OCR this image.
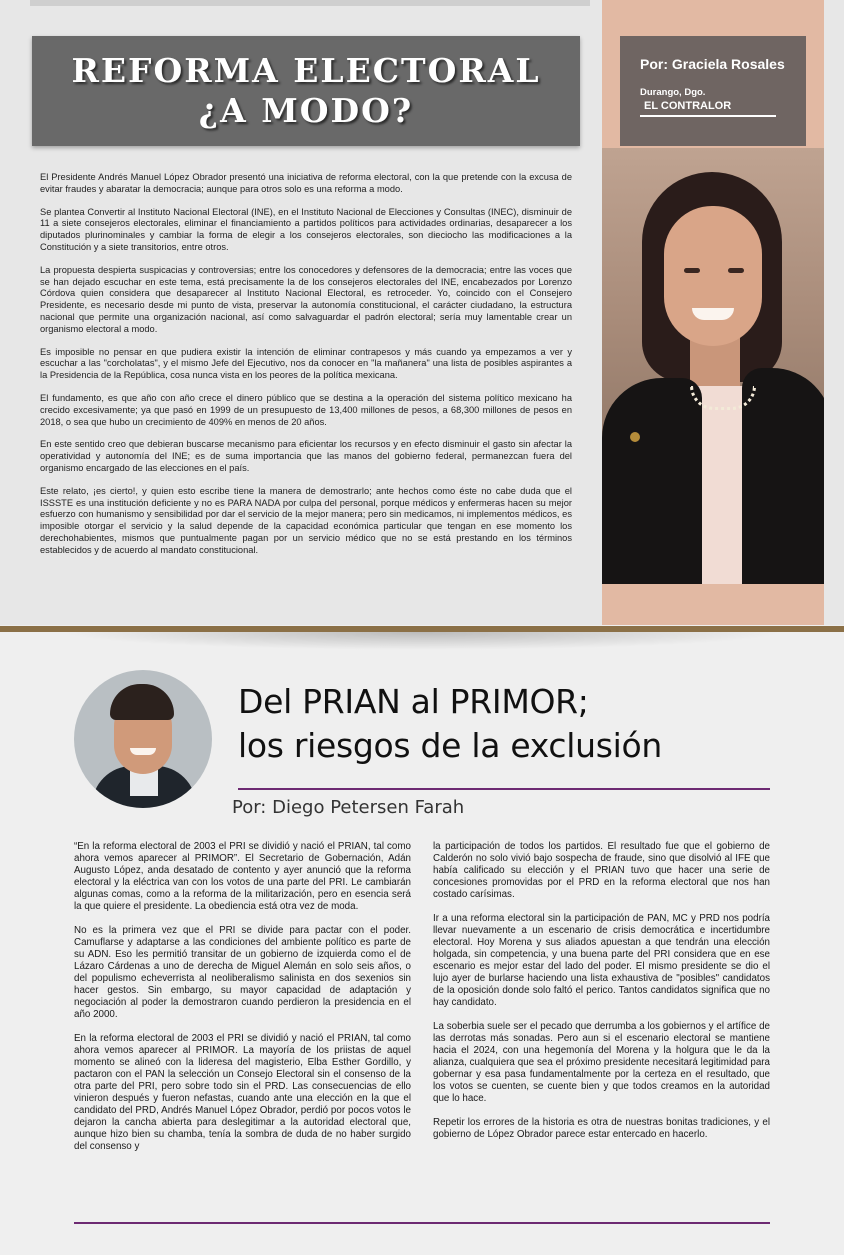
REFORMA ELECTORAL
¿A MODO?
Por: Graciela Rosales
Durango, Dgo.
EL CONTRALOR

El Presidente Andrés Manuel López Obrador presentó una iniciativa de reforma electoral, con la que pretende con la excusa de evitar fraudes y abaratar la democracia; aunque para otros solo es una reforma a modo.

Se plantea Convertir al Instituto Nacional Electoral (INE), en el Instituto Nacional de Elecciones y Consultas (INEC), disminuir de 11 a siete consejeros electorales, eliminar el financiamiento a partidos políticos para actividades ordinarias, desaparecer a los diputados plurinominales y cambiar la forma de elegir a los consejeros electorales, son dieciocho las modificaciones a la Constitución y a siete transitorios, entre otros.

La propuesta despierta suspicacias y controversias; entre los conocedores y defensores de la democracia; entre las voces que se han dejado escuchar en este tema, está precisamente la de los consejeros electorales del INE, encabezados por Lorenzo Córdova quien considera que desaparecer al Instituto Nacional Electoral, es retroceder. Yo, coincido con el Consejero Presidente, es necesario desde mi punto de vista, preservar la autonomía constitucional, el carácter ciudadano, la estructura nacional que permite una organización nacional, así como salvaguardar el padrón electoral; sería muy lamentable crear un organismo electoral a modo.

Es imposible no pensar en que pudiera existir la intención de eliminar contrapesos y más cuando ya empezamos a ver y escuchar a las "corcholatas", y el mismo Jefe del Ejecutivo, nos da conocer en "la mañanera" una lista de posibles aspirantes a la Presidencia de la República, cosa nunca vista en los peores de la política mexicana.

El fundamento, es que año con año crece el dinero público que se destina a la operación del sistema político mexicano ha crecido excesivamente; ya que pasó en 1999 de un presupuesto de 13,400 millones de pesos, a 68,300 millones de pesos en 2018, o sea que hubo un crecimiento de 409% en menos de 20 años.

En este sentido creo que debieran buscarse mecanismo para eficientar los recursos y en efecto disminuir el gasto sin afectar la operatividad y autonomía del INE; es de suma importancia que las manos del gobierno federal, permanezcan fuera del organismo encargado de las elecciones en el país.

Este relato, ¡es cierto!, y quien esto escribe tiene la manera de demostrarlo; ante hechos como éste no cabe duda que el ISSSTE es una institución deficiente y no es PARA NADA por culpa del personal, porque médicos y enfermeras hacen su mejor esfuerzo con humanismo y sensibilidad por dar el servicio de la mejor manera; pero sin medicamos, ni implementos médicos, es imposible otorgar el servicio y la salud depende de la capacidad económica particular que tengan en ese momento los derechohabientes, mismos que puntualmente pagan por un servicio médico que no se está prestando en los términos establecidos y de acuerdo al mandato constitucional.

Del PRIAN al PRIMOR;
los riesgos de la exclusión
Por: Diego Petersen Farah

“En la reforma electoral de 2003 el PRI se dividió y nació el PRIAN, tal como ahora vemos aparecer al PRIMOR”. El Secretario de Gobernación, Adán Augusto López, anda desatado de contento y ayer anunció que la reforma electoral y la eléctrica van con los votos de una parte del PRI. Le cambiarán algunas comas, como a la reforma de la militarización, pero en esencia será la que quiere el presidente. La obediencia está otra vez de moda.

No es la primera vez que el PRI se divide para pactar con el poder. Camuflarse y adaptarse a las condiciones del ambiente político es parte de su ADN. Eso les permitió transitar de un gobierno de izquierda como el de Lázaro Cárdenas a uno de derecha de Miguel Alemán en solo seis años, o del populismo echeverrista al neoliberalismo salinista en dos sexenios sin hacer gestos. Sin embargo, su mayor capacidad de adaptación y negociación al poder la demostraron cuando perdieron la presidencia en el año 2000.

En la reforma electoral de 2003 el PRI se dividió y nació el PRIAN, tal como ahora vemos aparecer al PRIMOR. La mayoría de los priistas de aquel momento se alineó con la lideresa del magisterio, Elba Esther Gordillo, y pactaron con el PAN la selección un Consejo Electoral sin el consenso de la otra parte del PRI, pero sobre todo sin el PRD. Las consecuencias de ello vinieron después y fueron nefastas, cuando ante una elección en la que el candidato del PRD, Andrés Manuel López Obrador, perdió por pocos votos le dejaron la cancha abierta para deslegitimar a la autoridad electoral que, aunque hizo bien su chamba, tenía la sombra de duda de no haber surgido del consenso y

la participación de todos los partidos. El resultado fue que el gobierno de Calderón no solo vivió bajo sospecha de fraude, sino que disolvió al IFE que había calificado su elección y el PRIAN tuvo que hacer una serie de concesiones promovidas por el PRD en la reforma electoral que nos han costado carísimas.

Ir a una reforma electoral sin la participación de PAN, MC y PRD nos podría llevar nuevamente a un escenario de crisis democrática e incertidumbre electoral. Hoy Morena y sus aliados apuestan a que tendrán una elección holgada, sin competencia, y una buena parte del PRI considera que en ese escenario es mejor estar del lado del poder. El mismo presidente se dio el lujo ayer de burlarse haciendo una lista exhaustiva de "posibles" candidatos de la oposición donde solo faltó el perico. Tantos candidatos significa que no hay candidato.

La soberbia suele ser el pecado que derrumba a los gobiernos y el artífice de las derrotas más sonadas. Pero aun si el escenario electoral se mantiene hacia el 2024, con una hegemonía del Morena y la holgura que le da la alianza, cualquiera que sea el próximo presidente necesitará legitimidad para gobernar y esa pasa fundamentalmente por la certeza en el resultado, que los votos se cuenten, se cuente bien y que todos creamos en la autoridad que lo hace.

Repetir los errores de la historia es otra de nuestras bonitas tradiciones, y el gobierno de López Obrador parece estar entercado en hacerlo.
